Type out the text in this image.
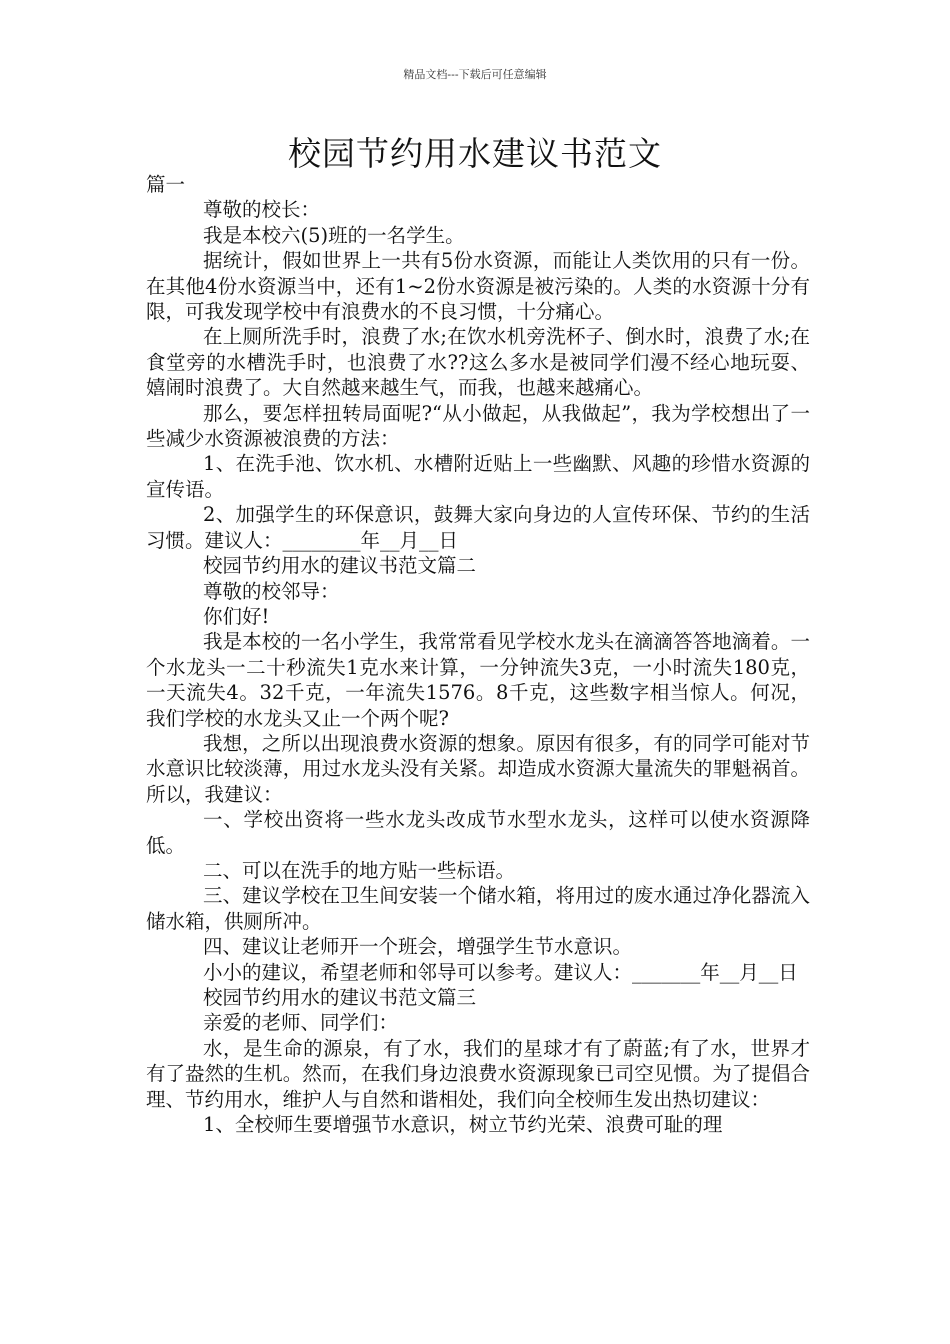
精品文档---下载后可任意编辑
校园节约用水建议书范文

篇一

尊敬的校长：

我是本校六(5)班的一名学生。

据统计，假如世界上一共有5份水资源，而能让人类饮用的只有一份。在其他4份水资源当中，还有1~2份水资源是被污染的。人类的水资源十分有限，可我发现学校中有浪费水的不良习惯，十分痛心。

在上厕所洗手时，浪费了水;在饮水机旁洗杯子、倒水时，浪费了水;在食堂旁的水槽洗手时，也浪费了水??这么多水是被同学们漫不经心地玩耍、嬉闹时浪费了。大自然越来越生气，而我，也越来越痛心。

那么，要怎样扭转局面呢?“从小做起，从我做起”，我为学校想出了一些减少水资源被浪费的方法：

1、在洗手池、饮水机、水槽附近贴上一些幽默、风趣的珍惜水资源的宣传语。

2、加强学生的环保意识，鼓舞大家向身边的人宣传环保、节约的生活习惯。建议人：________年__月__日

校园节约用水的建议书范文篇二

尊敬的校邻导：

你们好!

我是本校的一名小学生，我常常看见学校水龙头在滴滴答答地滴着。一个水龙头一二十秒流失1克水来计算，一分钟流失3克，一小时流失180克，一天流失4。32千克，一年流失1576。8千克，这些数字相当惊人。何况，我们学校的水龙头又止一个两个呢?

我想，之所以出现浪费水资源的想象。原因有很多，有的同学可能对节水意识比较淡薄，用过水龙头没有关紧。却造成水资源大量流失的罪魁祸首。所以，我建议：

一、学校出资将一些水龙头改成节水型水龙头，这样可以使水资源降低。

二、可以在洗手的地方贴一些标语。

三、建议学校在卫生间安装一个储水箱，将用过的废水通过净化器流入储水箱，供厕所冲。

四、建议让老师开一个班会，增强学生节水意识。

小小的建议，希望老师和邻导可以参考。建议人：_______年__月__日

校园节约用水的建议书范文篇三

亲爱的老师、同学们：

水，是生命的源泉，有了水，我们的星球才有了蔚蓝;有了水，世界才有了盎然的生机。然而，在我们身边浪费水资源现象已司空见惯。为了提倡合理、节约用水，维护人与自然和谐相处，我们向全校师生发出热切建议：

1、全校师生要增强节水意识，树立节约光荣、浪费可耻的理
